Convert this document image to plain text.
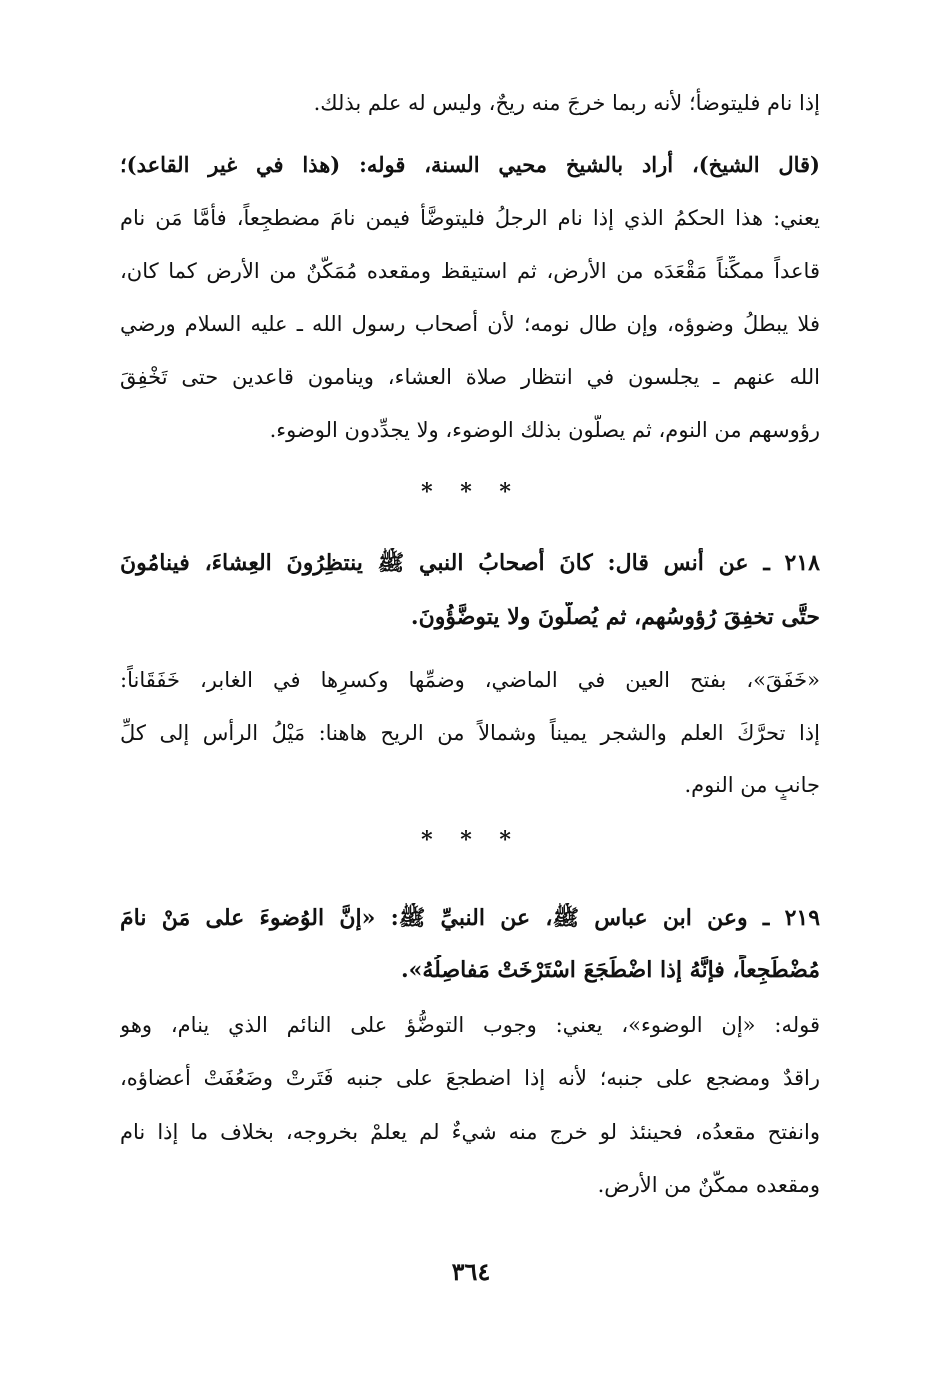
إذا نام فليتوضأ؛ لأنه ربما خرجَ منه ريحٌ، وليس له علم بذلك.
(قال الشيخ)، أراد بالشيخ محيي السنة، قوله: (هذا في غير القاعد)؛
يعني: هذا الحكمُ الذي إذا نام الرجلُ فليتوضَّأْ فيمن نامَ مضطجِعاً، فأمَّا مَن نام
قاعداً ممكِّناً مَقْعَدَه من الأرض، ثم استيقظ ومقعده مُمَكَّنٌ من الأرض كما كان،
فلا يبطلُ وضوؤه، وإن طال نومه؛ لأن أصحاب رسول الله ـ عليه السلام ورضي
الله عنهم ـ يجلسون في انتظار صلاة العشاء، وينامون قاعدين حتى تَخْفِقَ
رؤوسهم من النوم، ثم يصلُّون بذلك الوضوء، ولا يجدِّدون الوضوء.
* * *
٢١٨ ـ عن أنس قال: كانَ أصحابُ النبي ﷺ ينتظِرُونَ العِشاءَ، فينامُونَ
حتَّى تخفِقَ رُؤوسُهم، ثم يُصلُّونَ ولا يتوضَّؤُونَ.
«خَفَقَ»، بفتح العين في الماضي، وضمِّها وكسرِها في الغابر، خَفَقَاناً:
إذا تحرَّكَ العلم والشجر يميناً وشمالاً من الريح هاهنا: مَيْلُ الرأس إلى كلِّ
جانبٍ من النوم.
* * *
٢١٩ ـ وعن ابن عباس ﷺ، عن النبيِّ ﷺ: «إنَّ الوُضوءَ على مَنْ نامَ
مُضْطَجِعاً، فإنَّهُ إذا اضْطَجَعَ اسْتَرْخَتْ مَفاصِلُهُ».
قوله: «إن الوضوء»، يعني: وجوب التوضُّؤ على النائم الذي ينام، وهو
راقدٌ ومضجع على جنبه؛ لأنه إذا اضطجعَ على جنبه فَتَرتْ وضَعُفَتْ أعضاؤه،
وانفتح مقعدُه، فحينئذ لو خرج منه شيءٌ لم يعلمْ بخروجه، بخلاف ما إذا نام
ومقعده ممكَّنٌ من الأرض.
٣٦٤
